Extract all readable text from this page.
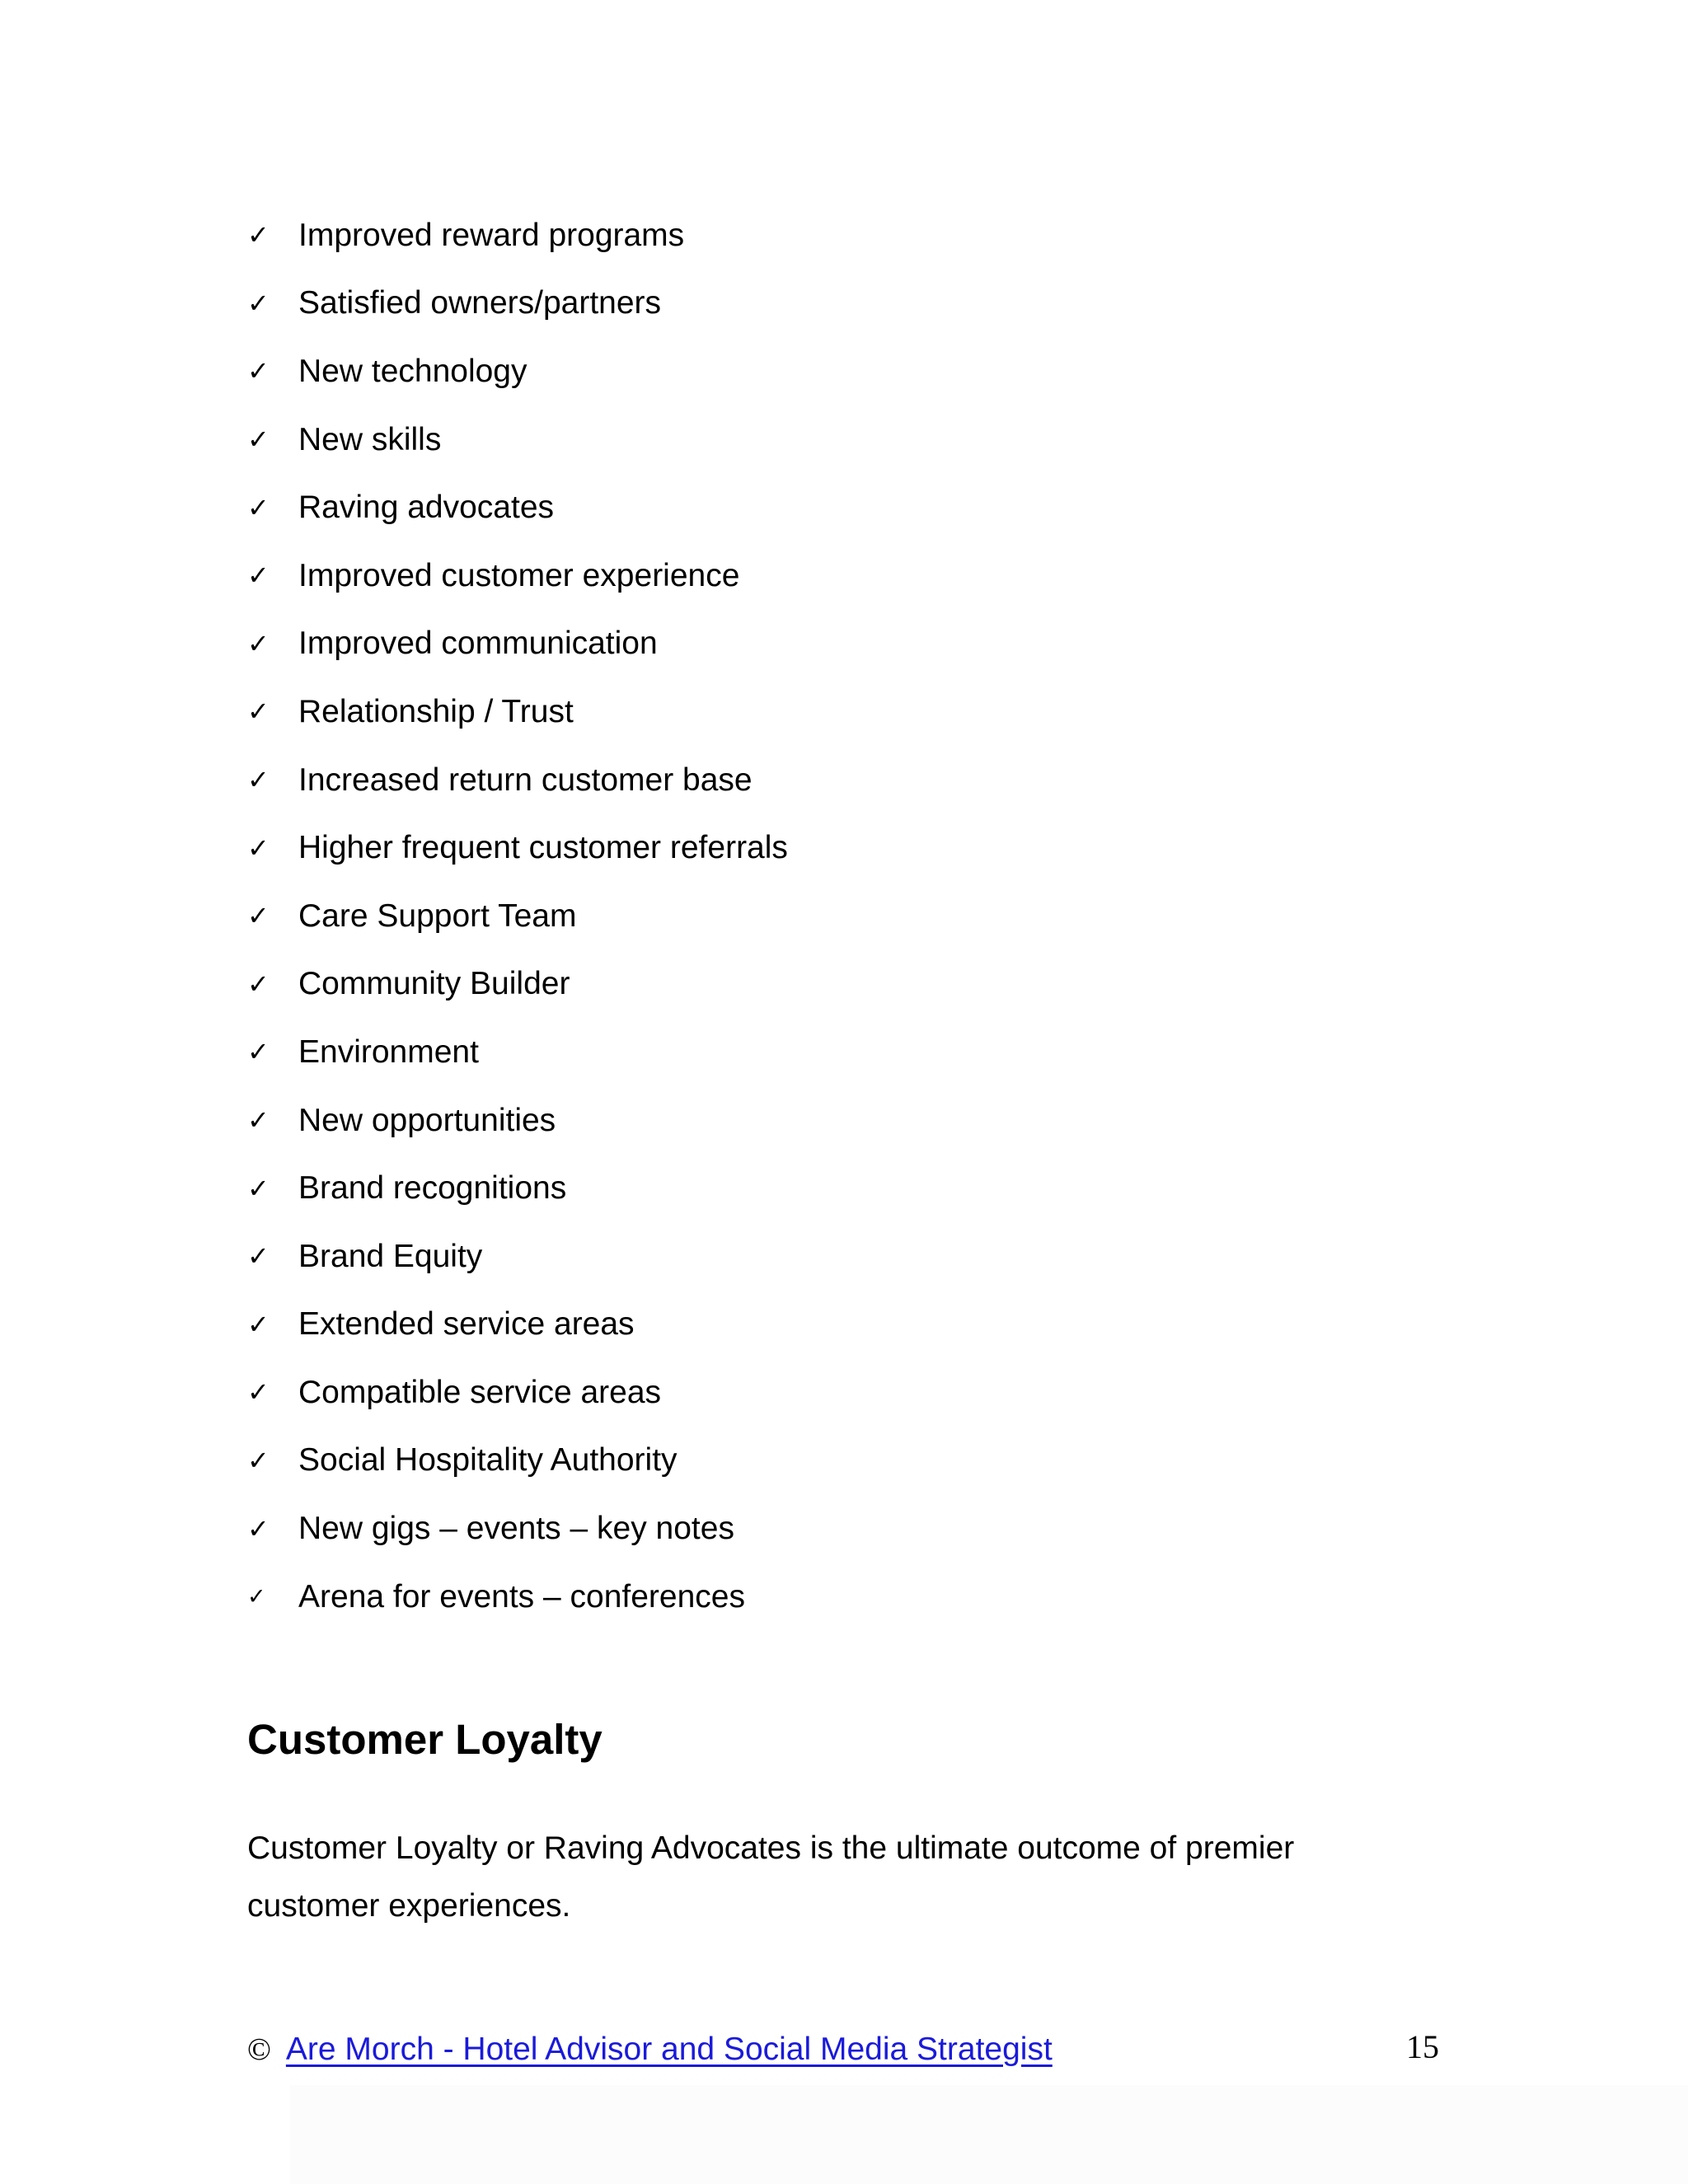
✓ Improved reward programs
✓ Satisfied owners/partners
✓ New technology
✓ New skills
✓ Raving advocates
✓ Improved customer experience
✓ Improved communication
✓ Relationship / Trust
✓ Increased return customer base
✓ Higher frequent customer referrals
✓ Care Support Team
✓ Community Builder
✓ Environment
✓ New opportunities
✓ Brand recognitions
✓ Brand Equity
✓ Extended service areas
✓ Compatible service areas
✓ Social Hospitality Authority
✓ New gigs – events – key notes
✓	Arena for events – conferences
Customer Loyalty

Customer Loyalty or Raving Advocates is the ultimate outcome of premier customer experiences.

© Are Morch - Hotel Advisor and Social Media Strategist	15
